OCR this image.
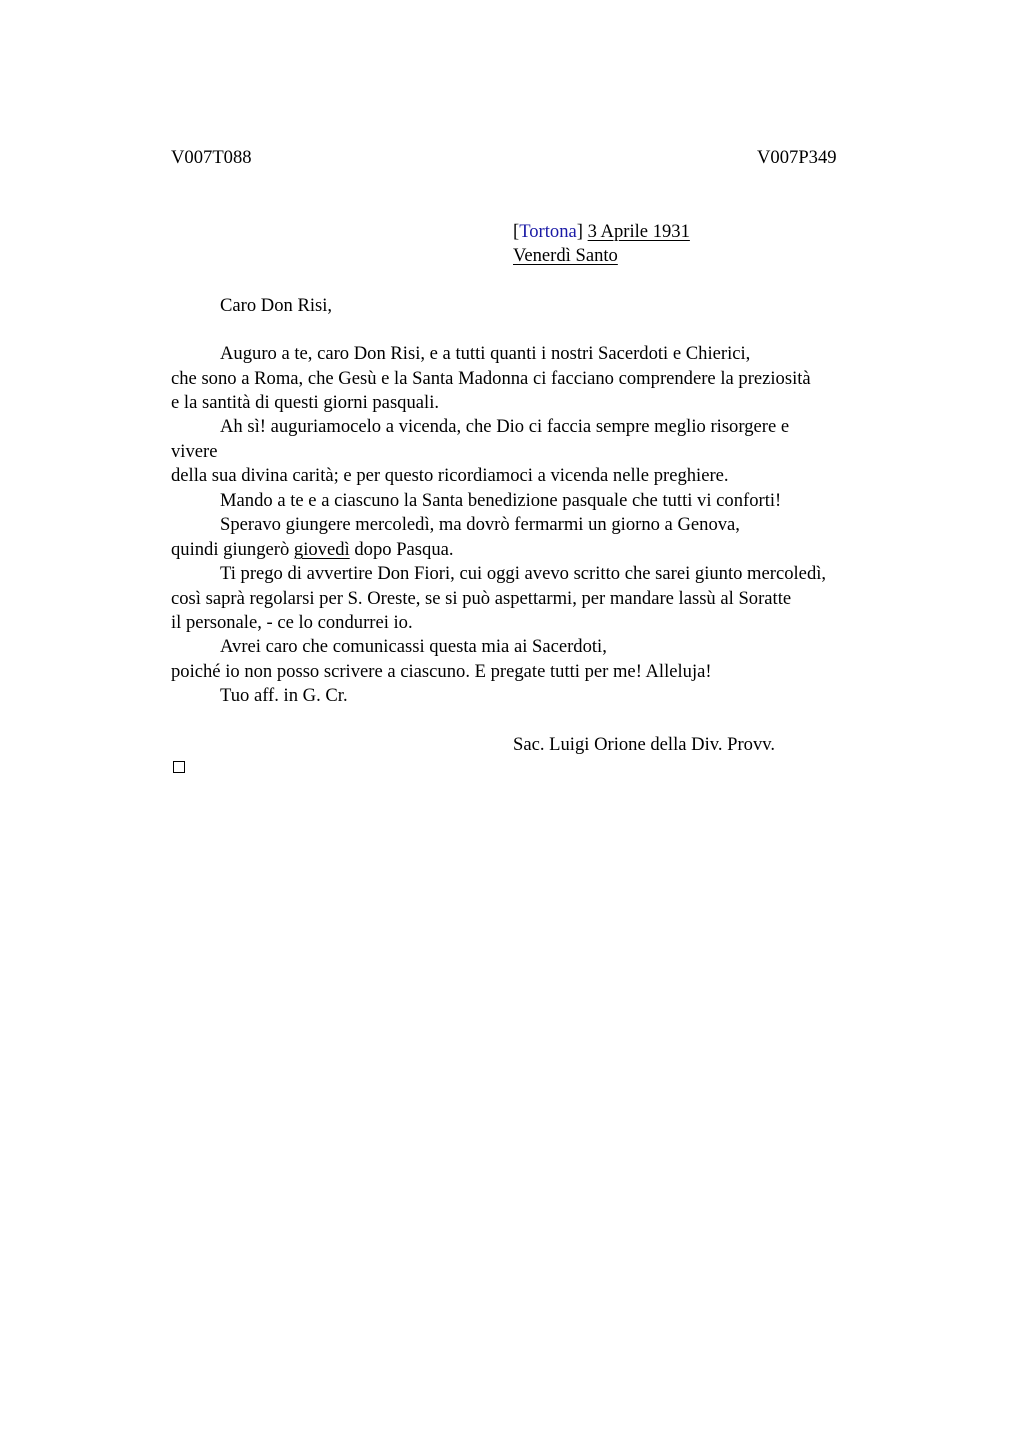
V007T088	V007P349
[Tortona] 3 Aprile 1931
Venerdì Santo
Caro Don Risi,
Auguro a te, caro Don Risi, e a tutti quanti i nostri Sacerdoti e Chierici,
che sono a Roma, che Gesù e la Santa Madonna ci facciano comprendere la preziosità
e la santità di questi giorni pasquali.
Ah sì! auguriamocelo a vicenda, che Dio ci faccia sempre meglio risorgere e
vivere
della sua divina carità; e per questo ricordiamoci a vicenda nelle preghiere.
Mando a te e a ciascuno la Santa benedizione pasquale che tutti vi conforti!
Speravo giungere mercoledì, ma dovrò fermarmi un giorno a Genova,
quindi giungerò giovedì dopo Pasqua.
Ti prego di avvertire Don Fiori, cui oggi avevo scritto che sarei giunto mercoledì,
così saprà regolarsi per S. Oreste, se si può aspettarmi, per mandare lassù al Soratte
il personale, - ce lo condurrei io.
Avrei caro che comunicassi questa mia ai Sacerdoti,
poiché io non posso scrivere a ciascuno. E pregate tutti per me! Alleluja!
Tuo aff. in G. Cr.
Sac. Luigi Orione della Div. Provv.
